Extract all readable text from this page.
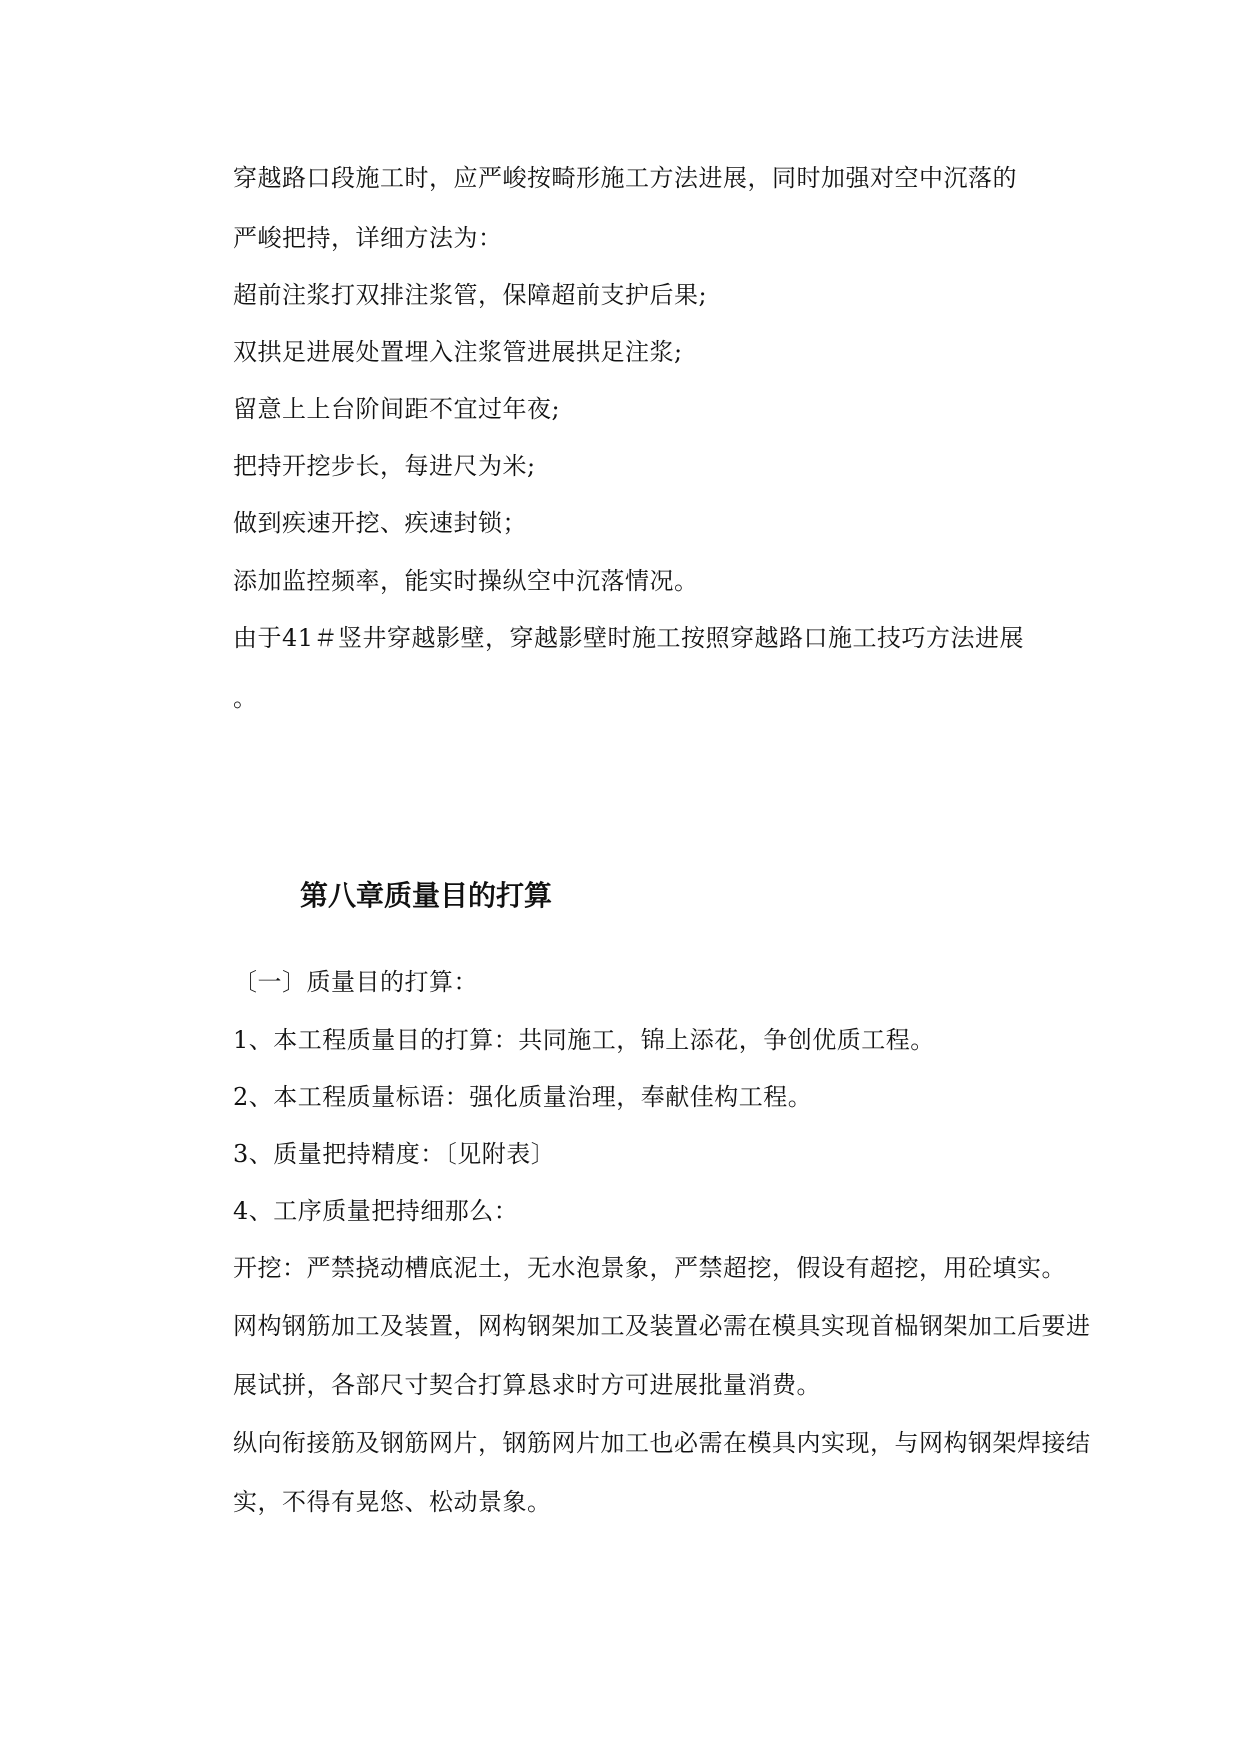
穿越路口段施工时，应严峻按畸形施工方法进展，同时加强对空中沉落的
严峻把持，详细方法为：
超前注浆打双排注浆管，保障超前支护后果;
双拱足进展处置埋入注浆管进展拱足注浆;
留意上上台阶间距不宜过年夜;
把持开挖步长，每进尺为米;
做到疾速开挖、疾速封锁；
添加监控频率，能实时操纵空中沉落情况。
由于41＃竖井穿越影壁，穿越影壁时施工按照穿越路口施工技巧方法进展
。
第八章质量目的打算
〔一〕质量目的打算：
1、本工程质量目的打算：共同施工，锦上添花，争创优质工程。
2、本工程质量标语：强化质量治理，奉献佳构工程。
3、质量把持精度：〔见附表〕
4、工序质量把持细那么：
开挖：严禁挠动槽底泥土，无水泡景象，严禁超挖，假设有超挖，用砼填实。
网构钢筋加工及装置，网构钢架加工及装置必需在模具实现首榀钢架加工后要进
展试拼，各部尺寸契合打算恳求时方可进展批量消费。
纵向衔接筋及钢筋网片，钢筋网片加工也必需在模具内实现，与网构钢架焊接结
实，不得有晃悠、松动景象。
